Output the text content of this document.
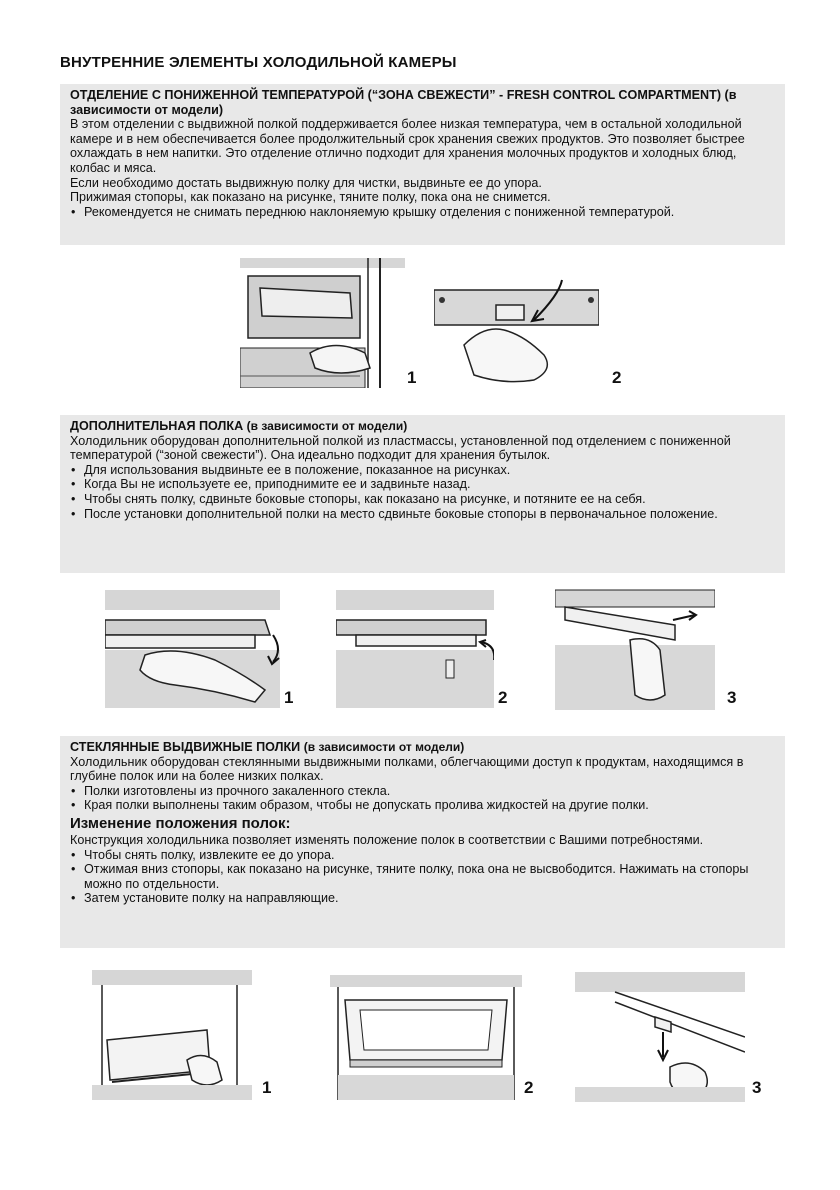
ВНУТРЕННИЕ ЭЛЕМЕНТЫ ХОЛОДИЛЬНОЙ КАМЕРЫ
ОТДЕЛЕНИЕ С ПОНИЖЕННОЙ ТЕМПЕРАТУРОЙ (“ЗОНА СВЕЖЕСТИ” - FRESH CONTROL COMPARTMENT) (в зависимости от модели)

В этом отделении с выдвижной полкой поддерживается более низкая температура, чем в остальной холодильной камере и в нем обеспечивается более продолжительный срок хранения свежих продуктов. Это позволяет быстрее охлаждать в нем напитки. Это отделение отлично подходит для хранения молочных продуктов и холодных блюд, колбас и мяса.

Если необходимо достать выдвижную полку для чистки, выдвиньте ее до упора.

Прижимая стопоры, как показано на рисунке, тяните полку, пока она не снимется.

• Рекомендуется не снимать переднюю наклоняемую крышку отделения с пониженной температурой.
1	2
ДОПОЛНИТЕЛЬНАЯ ПОЛКА (в зависимости от модели)

Холодильник оборудован дополнительной полкой из пластмассы, установленной под отделением с пониженной температурой (“зоной свежести”). Она идеально подходит для хранения бутылок.

• Для использования выдвиньте ее в положение, показанное на рисунках.
• Когда Вы не используете ее, приподнимите ее и задвиньте назад.
• Чтобы снять полку, сдвиньте боковые стопоры, как показано на рисунке, и потяните ее на себя.
• После установки дополнительной полки на место сдвиньте боковые стопоры в первоначальное положение.
1	2	3
СТЕКЛЯННЫЕ ВЫДВИЖНЫЕ ПОЛКИ (в зависимости от модели)

Холодильник оборудован стеклянными выдвижными полками, облегчающими доступ к продуктам, находящимся в глубине полок или на более низких полках.

• Полки изготовлены из прочного закаленного стекла.
• Края полки выполнены таким образом, чтобы не допускать пролива жидкостей на другие полки.
Изменение положения полок:

Конструкция холодильника позволяет изменять положение полок в соответствии с Вашими потребностями.

• Чтобы снять полку, извлеките ее до упора.
• Отжимая вниз стопоры, как показано на рисунке, тяните полку, пока она не высвободится. Нажимать на стопоры можно по отдельности.
• Затем установите полку на направляющие.
1	2	3
